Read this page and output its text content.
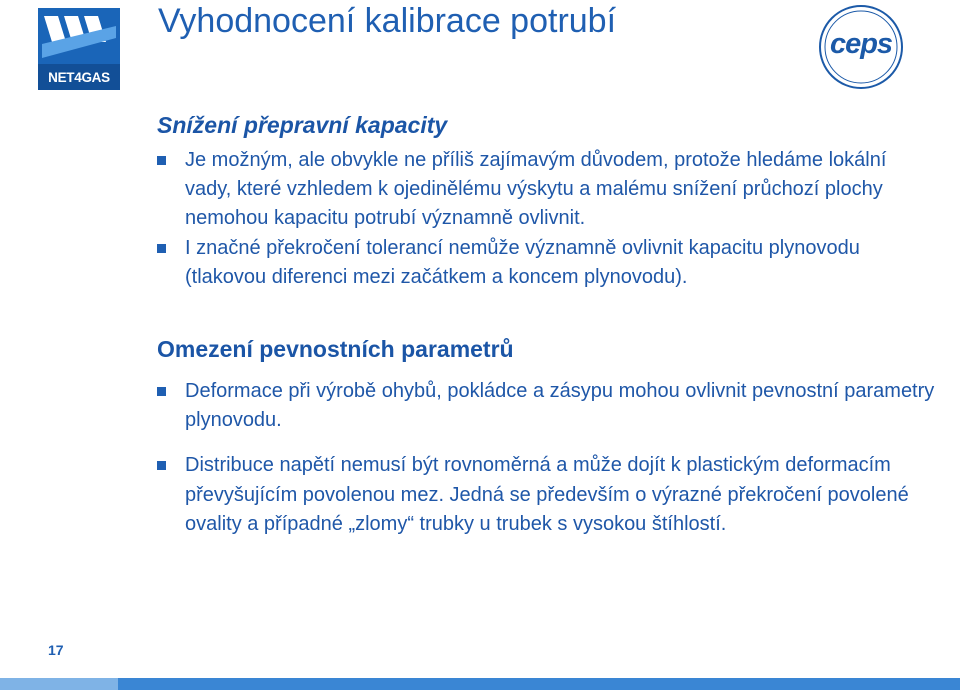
NET4GAS
Vyhodnocení kalibrace potrubí
ceps
Snížení přepravní kapacity
Je možným, ale obvykle ne příliš zajímavým důvodem, protože hledáme lokální vady, které vzhledem k ojedinělému výskytu a malému snížení průchozí plochy nemohou kapacitu potrubí významně ovlivnit.
I značné překročení tolerancí nemůže významně ovlivnit kapacitu plynovodu (tlakovou diferenci mezi začátkem a koncem plynovodu).
Omezení pevnostních parametrů
Deformace při výrobě ohybů, pokládce a zásypu mohou ovlivnit pevnostní parametry plynovodu.
Distribuce napětí nemusí být rovnoměrná a může dojít k plastickým deformacím převyšujícím povolenou mez. Jedná se především o výrazné překročení povolené ovality a případné „zlomy“ trubky u trubek s vysokou štíhlostí.
17
